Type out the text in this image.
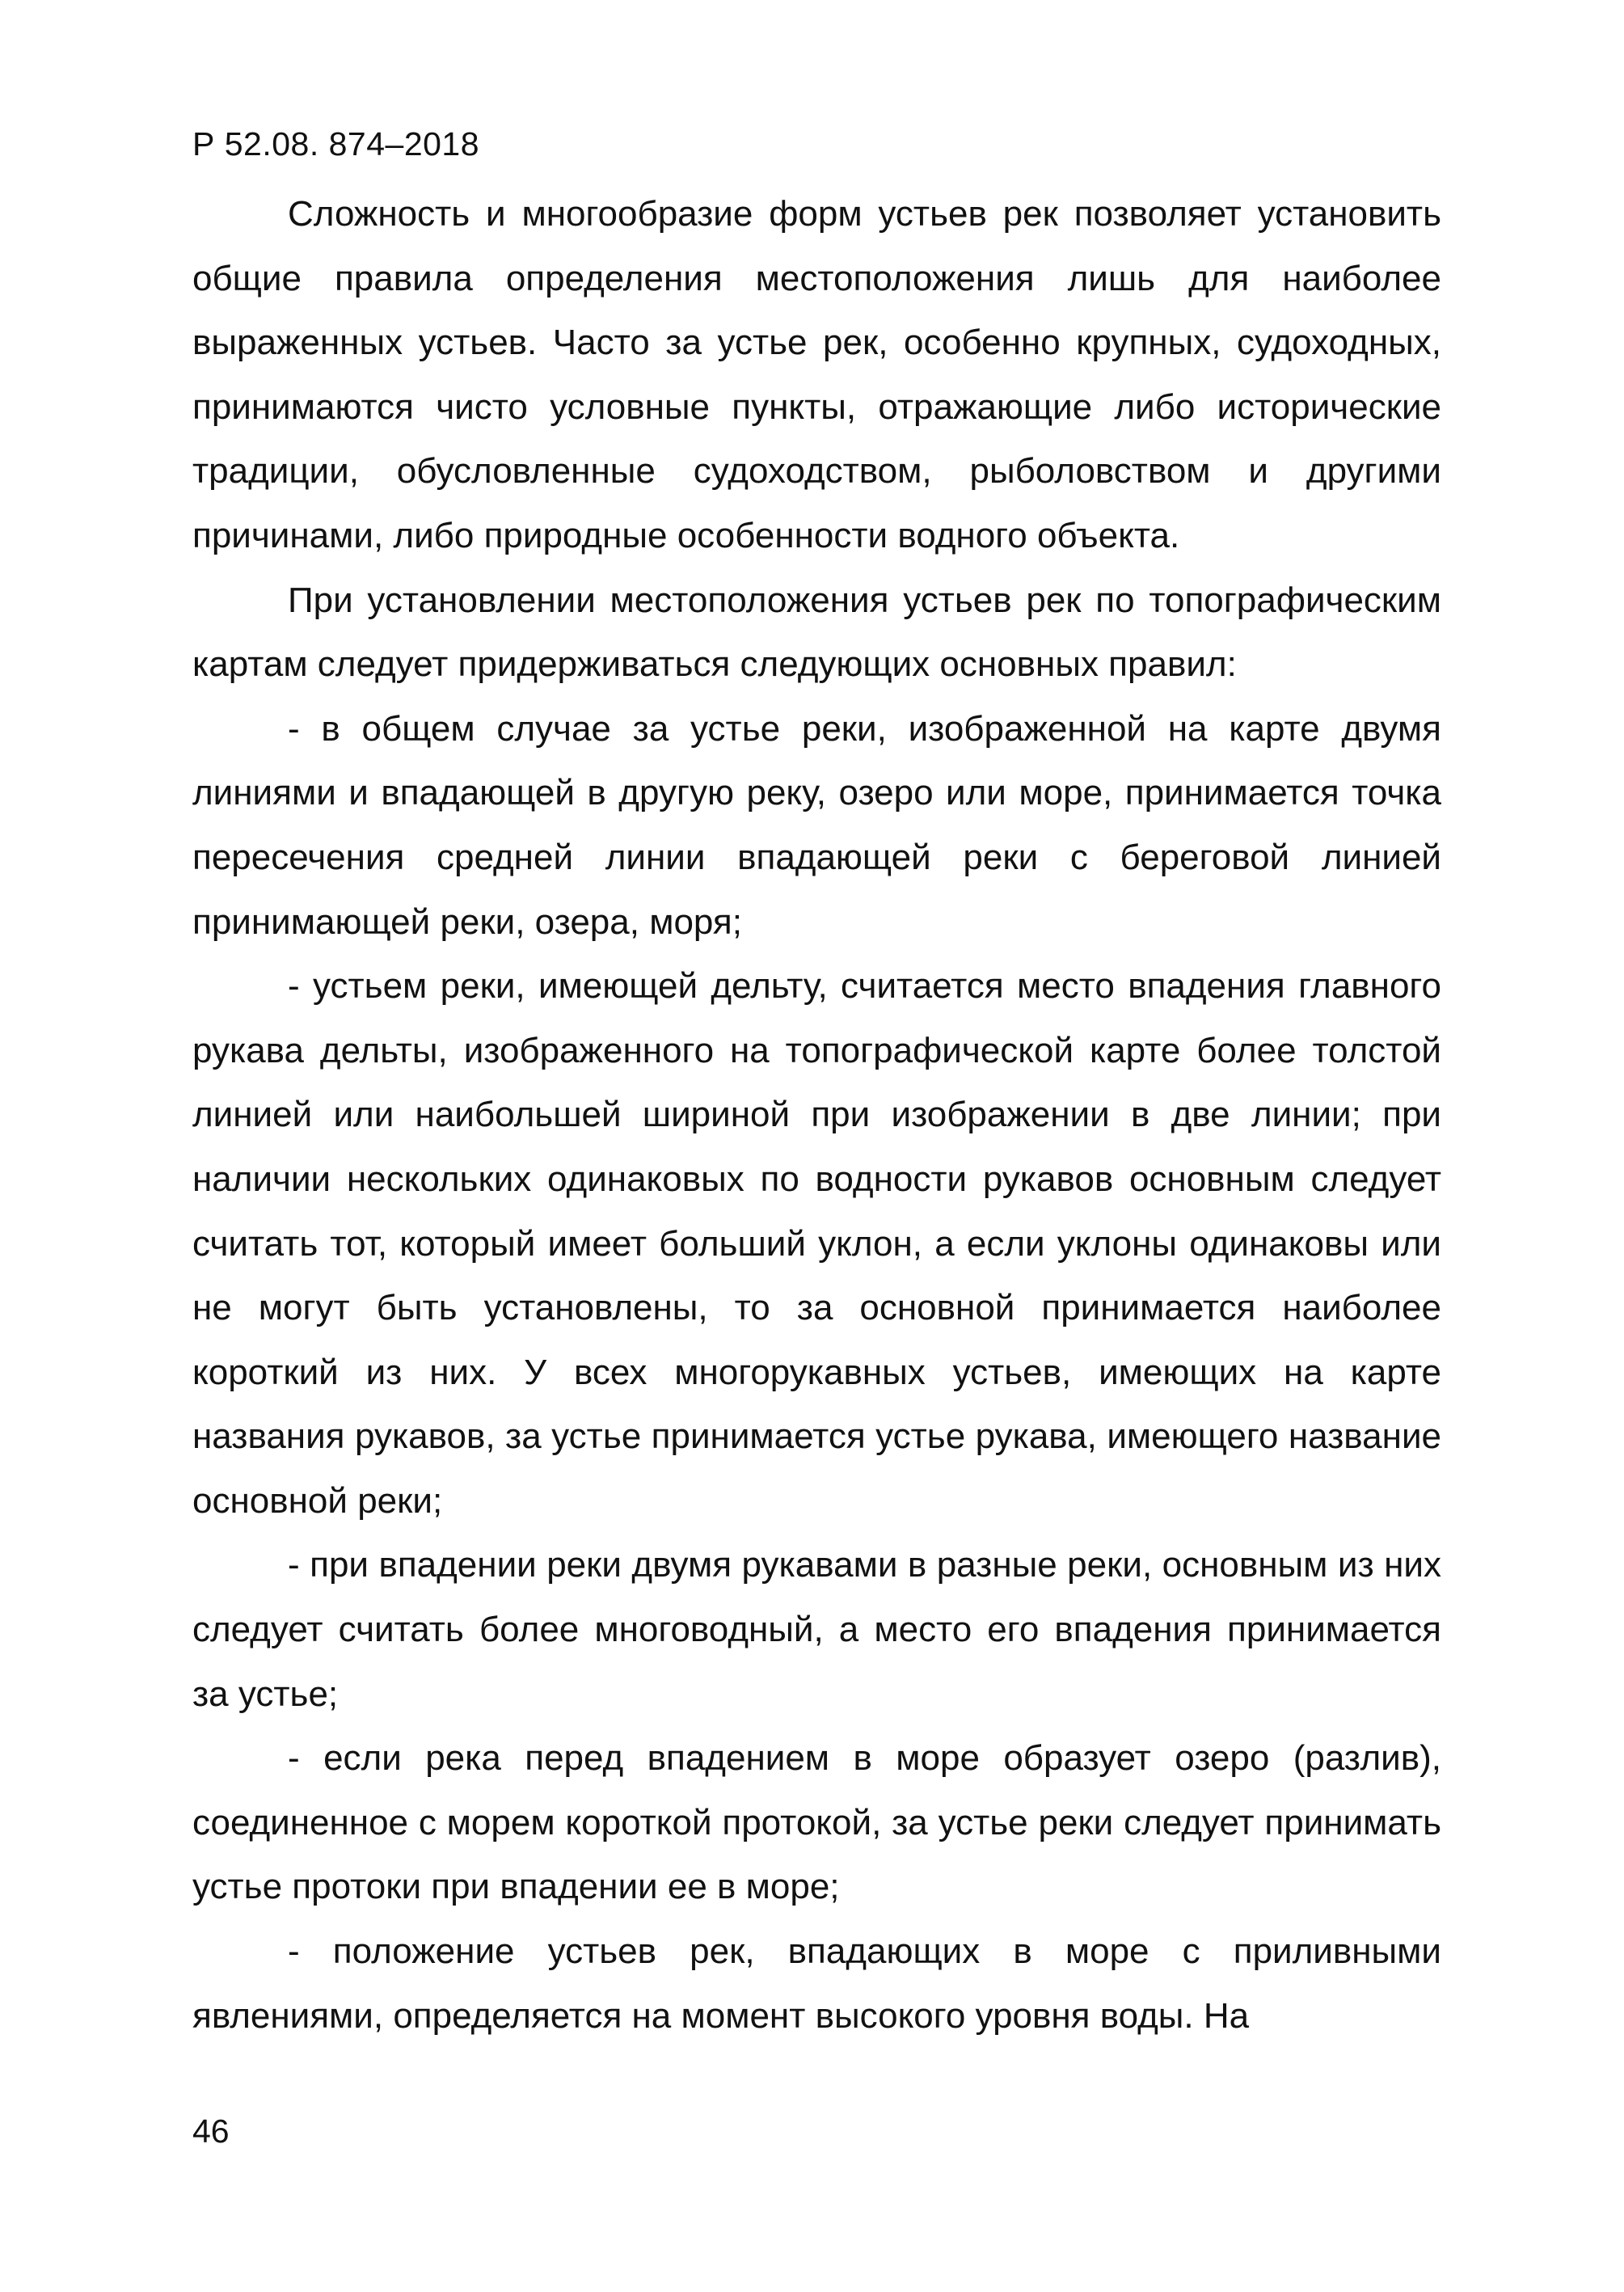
Р 52.08. 874–2018

Сложность и многообразие форм устьев рек позволяет установить общие правила определения местоположения лишь для наиболее выраженных устьев. Часто за устье рек, особенно крупных, судоходных, принимаются чисто условные пункты, отражающие либо исторические традиции, обусловленные судоходством, рыболовством и другими причинами, либо природные особенности водного объекта.

При установлении местоположения устьев рек по топографическим картам следует придерживаться следующих основных правил:

- в общем случае за устье реки, изображенной на карте двумя линиями и впадающей в другую реку, озеро или море, принимается точка пересечения средней линии впадающей реки с береговой линией принимающей реки, озера, моря;

- устьем реки, имеющей дельту, считается место впадения главного рукава дельты, изображенного на топографической карте более толстой линией или наибольшей шириной при изображении в две линии; при наличии нескольких одинаковых по водности рукавов основным следует считать тот, который имеет больший уклон, а если уклоны одинаковы или не могут быть установлены, то за основной принимается наиболее короткий из них. У всех многорукавных устьев, имеющих на карте названия рукавов, за устье принимается устье рукава, имеющего название основной реки;

- при впадении реки двумя рукавами в разные реки, основным из них следует считать более многоводный, а место его впадения принимается за устье;

- если река перед впадением в море образует озеро (разлив), соединенное с морем короткой протокой, за устье реки следует принимать устье протоки при впадении ее в море;

- положение устьев рек, впадающих в море с приливными явлениями, определяется на момент высокого уровня воды. На

46
